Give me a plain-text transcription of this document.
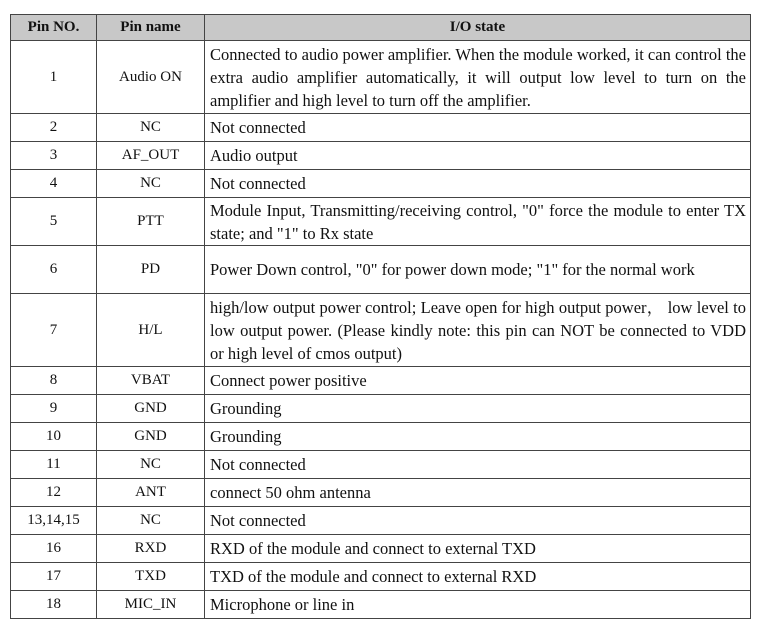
Pin NO.	Pin name	I/O state
1	Audio ON	Connected to audio power amplifier. When the module worked, it can control the extra audio amplifier automatically, it will output low level to turn on the amplifier and high level to turn off the amplifier.
2	NC	Not connected
3	AF_OUT	Audio output
4	NC	Not connected
5	PTT	Module Input, Transmitting/receiving control, "0" force the module to enter TX state; and "1" to Rx state
6	PD	Power Down control, "0" for power down mode; "1" for the normal work
7	H/L	high/low output power control; Leave open for high output power， low level to low output power. (Please kindly note: this pin can NOT be connected to VDD or high level of cmos output)
8	VBAT	Connect power positive
9	GND	Grounding
10	GND	Grounding
11	NC	Not connected
12	ANT	connect 50 ohm antenna
13,14,15	NC	Not connected
16	RXD	RXD of the module and connect to external TXD
17	TXD	TXD of the module and connect to external RXD
18	MIC_IN	Microphone or line in
